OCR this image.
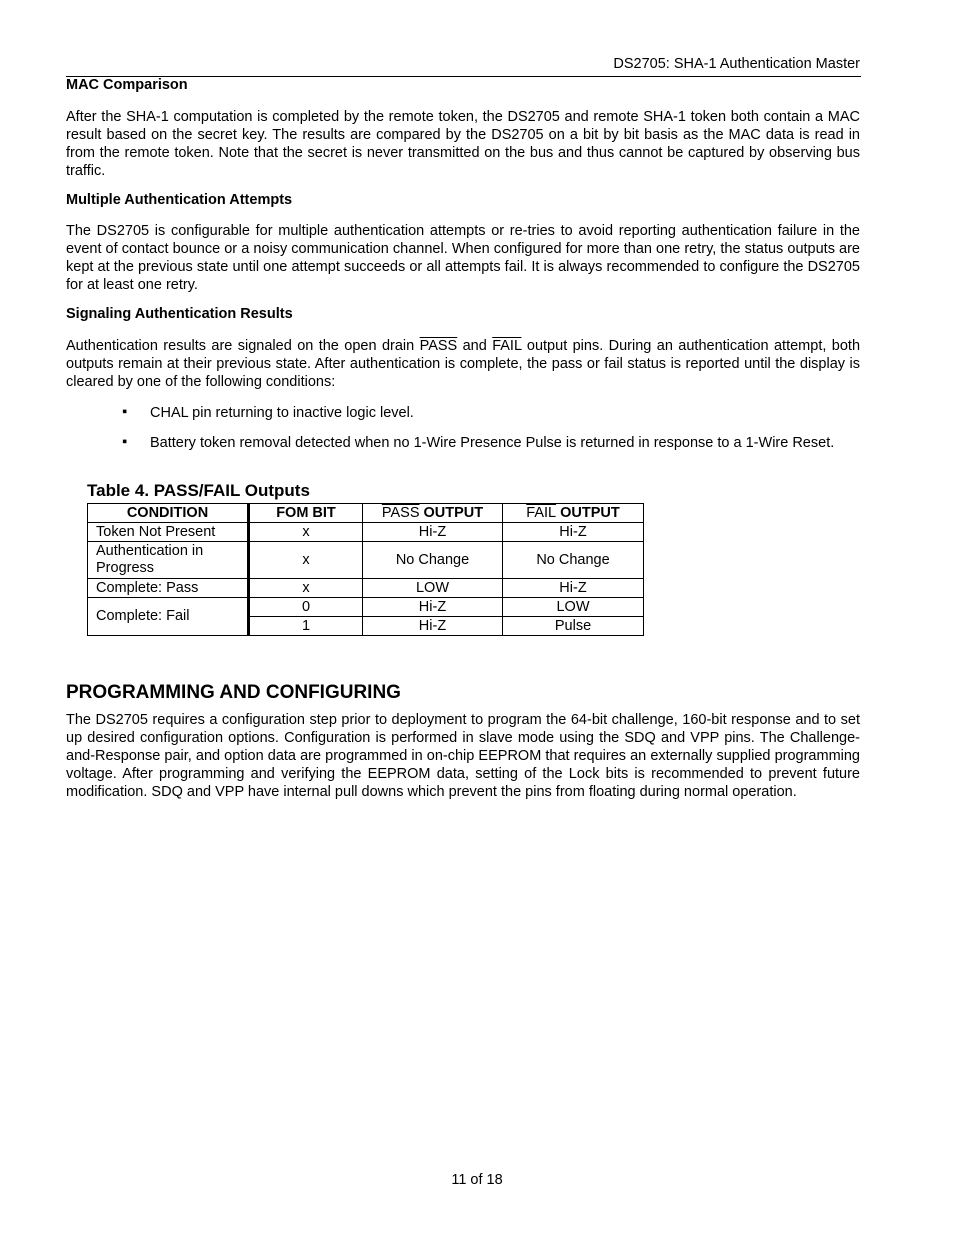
DS2705: SHA-1 Authentication Master
MAC Comparison

After the SHA-1 computation is completed by the remote token, the DS2705 and remote SHA-1 token both contain a MAC result based on the secret key. The results are compared by the DS2705 on a bit by bit basis as the MAC data is read in from the remote token. Note that the secret is never transmitted on the bus and thus cannot be captured by observing bus traffic.

Multiple Authentication Attempts

The DS2705 is configurable for multiple authentication attempts or re-tries to avoid reporting authentication failure in the event of contact bounce or a noisy communication channel. When configured for more than one retry, the status outputs are kept at the previous state until one attempt succeeds or all attempts fail. It is always recommended to configure the DS2705 for at least one retry.

Signaling Authentication Results

Authentication results are signaled on the open drain PASS and FAIL output pins. During an authentication attempt, both outputs remain at their previous state. After authentication is complete, the pass or fail status is reported until the display is cleared by one of the following conditions:

▪ CHAL pin returning to inactive logic level.
▪ Battery token removal detected when no 1-Wire Presence Pulse is returned in response to a 1-Wire Reset.
Table 4. PASS/FAIL Outputs
CONDITION	FOM BIT	PASS OUTPUT	FAIL OUTPUT
Token Not Present	x	Hi-Z	Hi-Z
Authentication in Progress	x	No Change	No Change
Complete: Pass	x	LOW	Hi-Z
Complete: Fail	0	Hi-Z	LOW
	1	Hi-Z	Pulse
PROGRAMMING AND CONFIGURING

The DS2705 requires a configuration step prior to deployment to program the 64-bit challenge, 160-bit response and to set up desired configuration options. Configuration is performed in slave mode using the SDQ and VPP pins. The Challenge-and-Response pair, and option data are programmed in on-chip EEPROM that requires an externally supplied programming voltage. After programming and verifying the EEPROM data, setting of the Lock bits is recommended to prevent future modification. SDQ and VPP have internal pull downs which prevent the pins from floating during normal operation.

11 of 18
